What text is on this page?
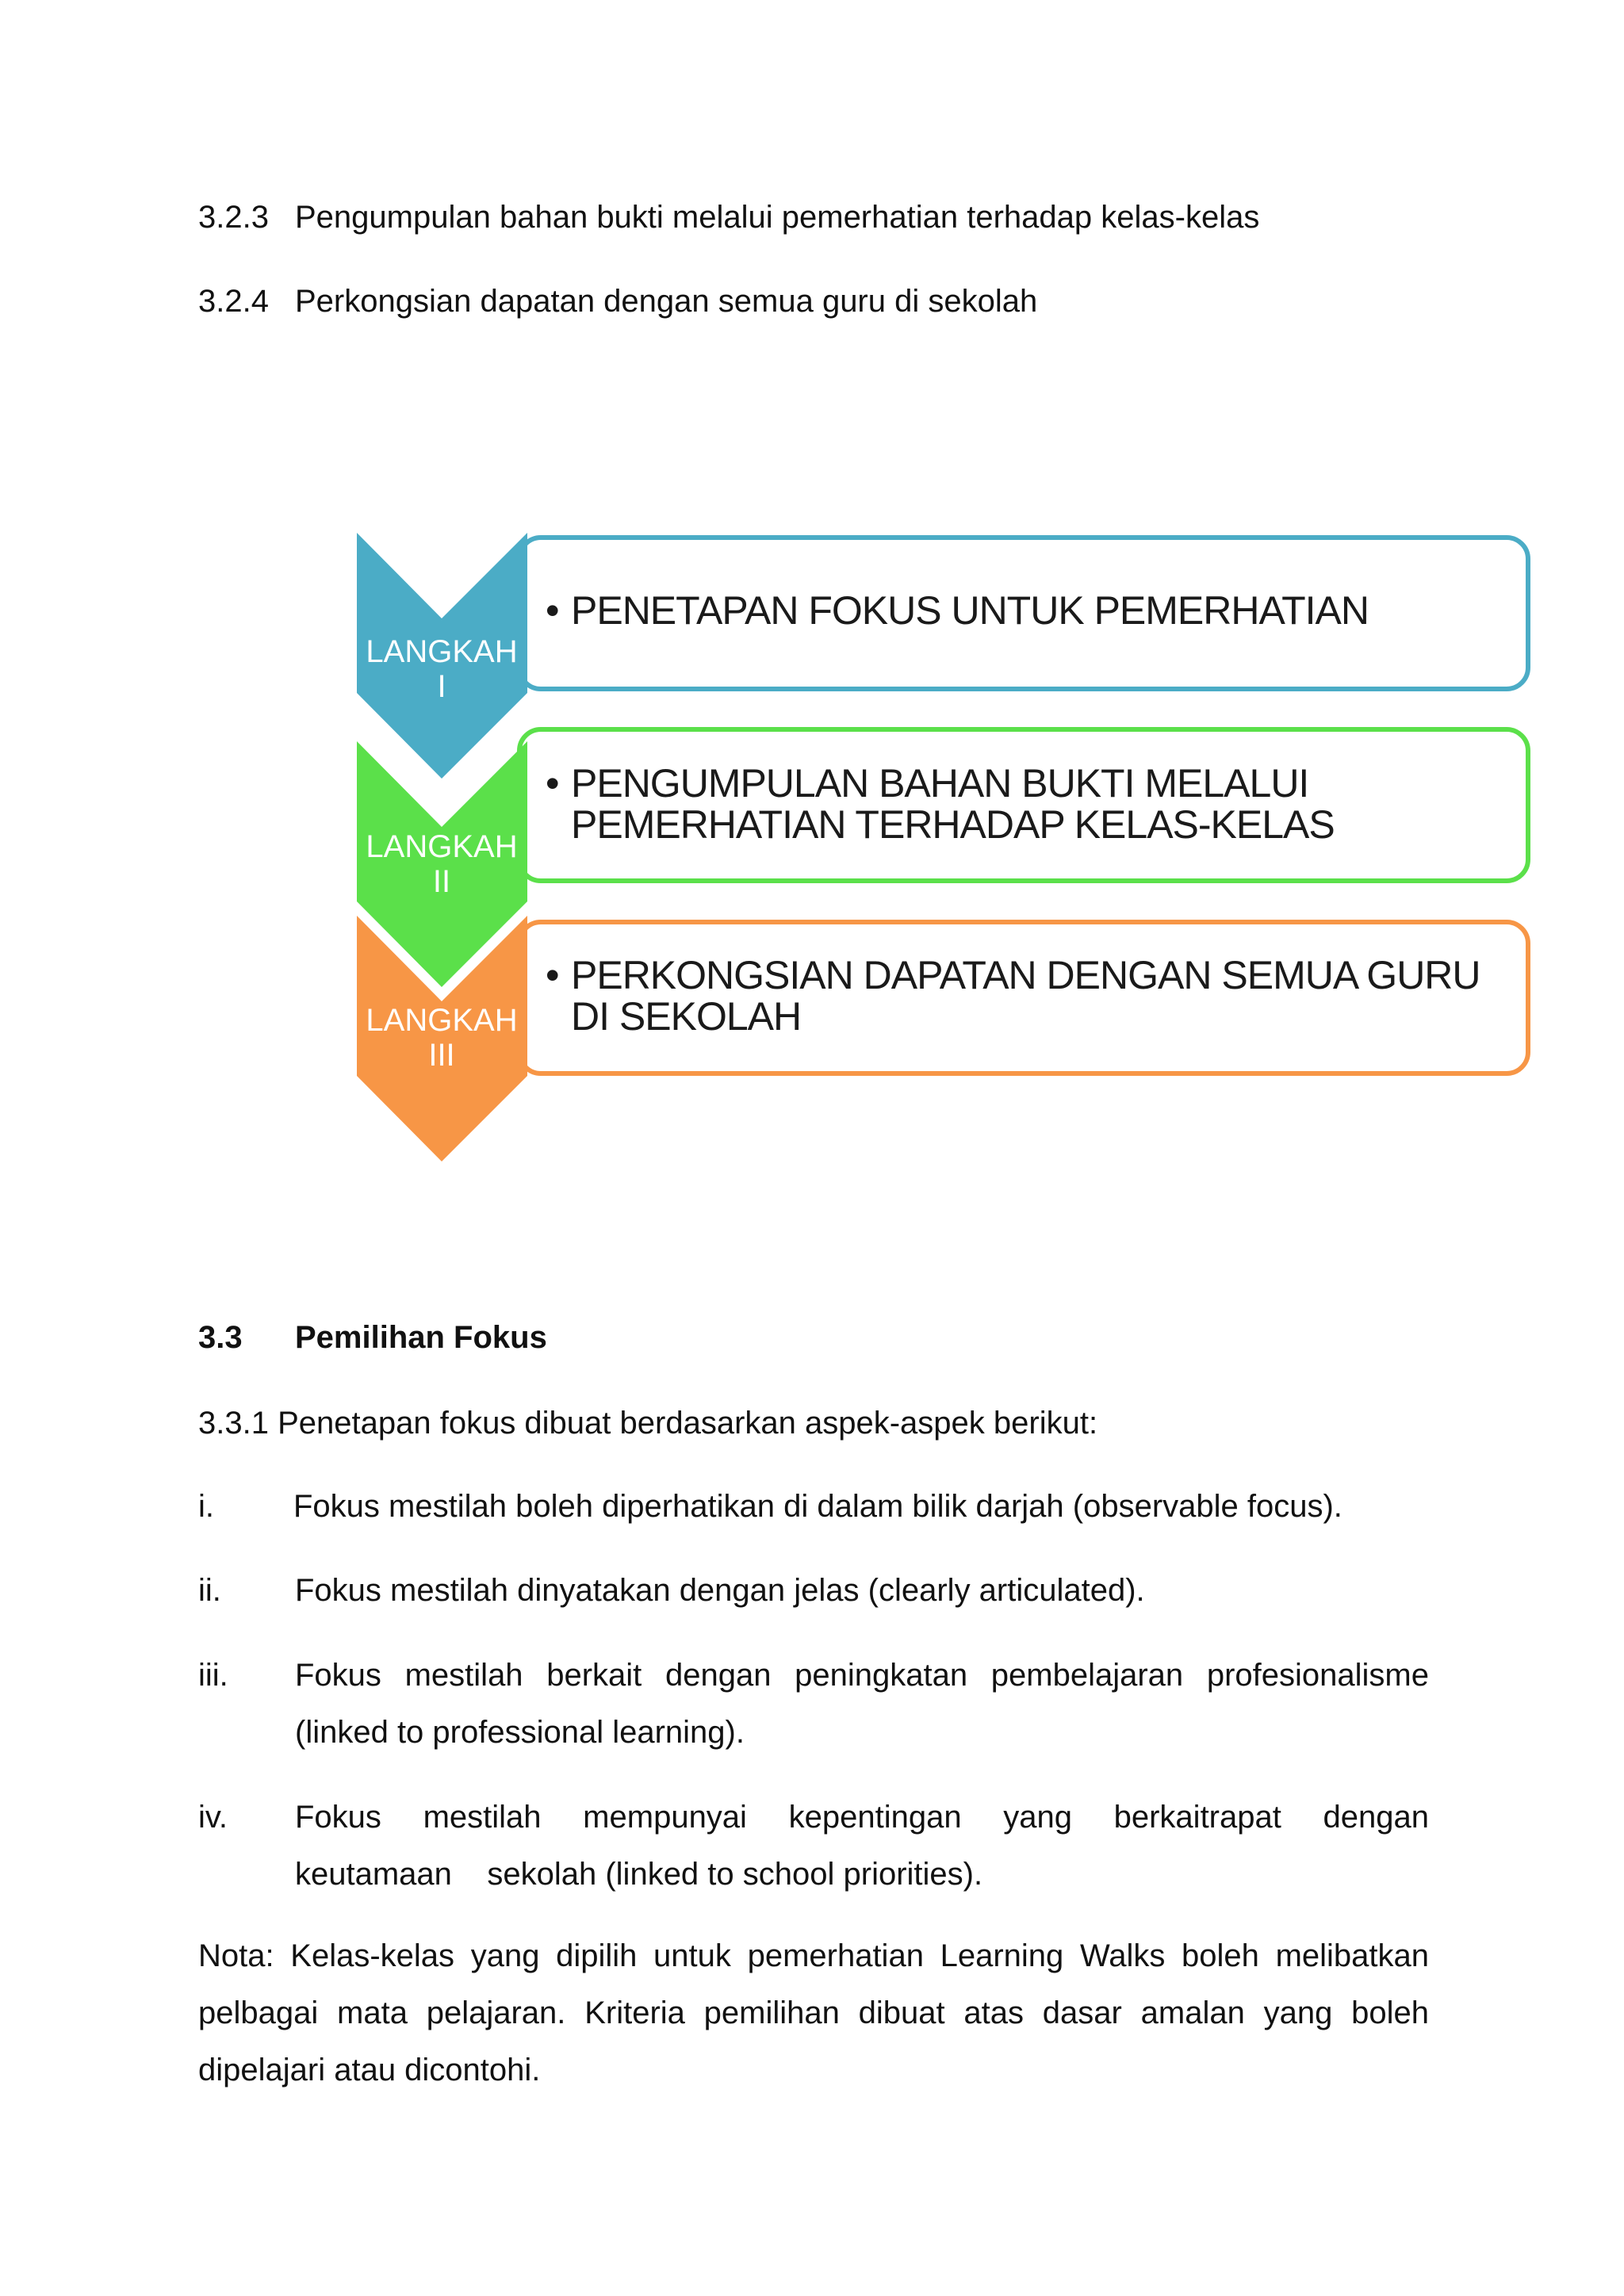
3.2.3 Pengumpulan bahan bukti melalui pemerhatian terhadap kelas-kelas
3.2.4 Perkongsian dapatan dengan semua guru di sekolah
LANGKAH
I
LANGKAH
II
LANGKAH
III
• PENETAPAN FOKUS UNTUK PEMERHATIAN
• PENGUMPULAN BAHAN BUKTI MELALUI
PEMERHATIAN TERHADAP KELAS-KELAS
• PERKONGSIAN DAPATAN DENGAN SEMUA GURU
DI SEKOLAH
3.3 Pemilihan Fokus
3.3.1 Penetapan fokus dibuat berdasarkan aspek-aspek berikut:
i.	Fokus mestilah boleh diperhatikan di dalam bilik darjah (observable focus).
ii. Fokus mestilah dinyatakan dengan jelas (clearly articulated).
iii. Fokus mestilah berkait dengan peningkatan pembelajaran profesionalisme
(linked to professional learning).
iv. Fokus mestilah mempunyai kepentingan yang berkaitrapat dengan
keutamaan    sekolah (linked to school priorities).
Nota: Kelas-kelas yang dipilih untuk pemerhatian Learning Walks boleh melibatkan pelbagai mata pelajaran. Kriteria pemilihan dibuat atas dasar amalan yang boleh
dipelajari atau dicontohi.
